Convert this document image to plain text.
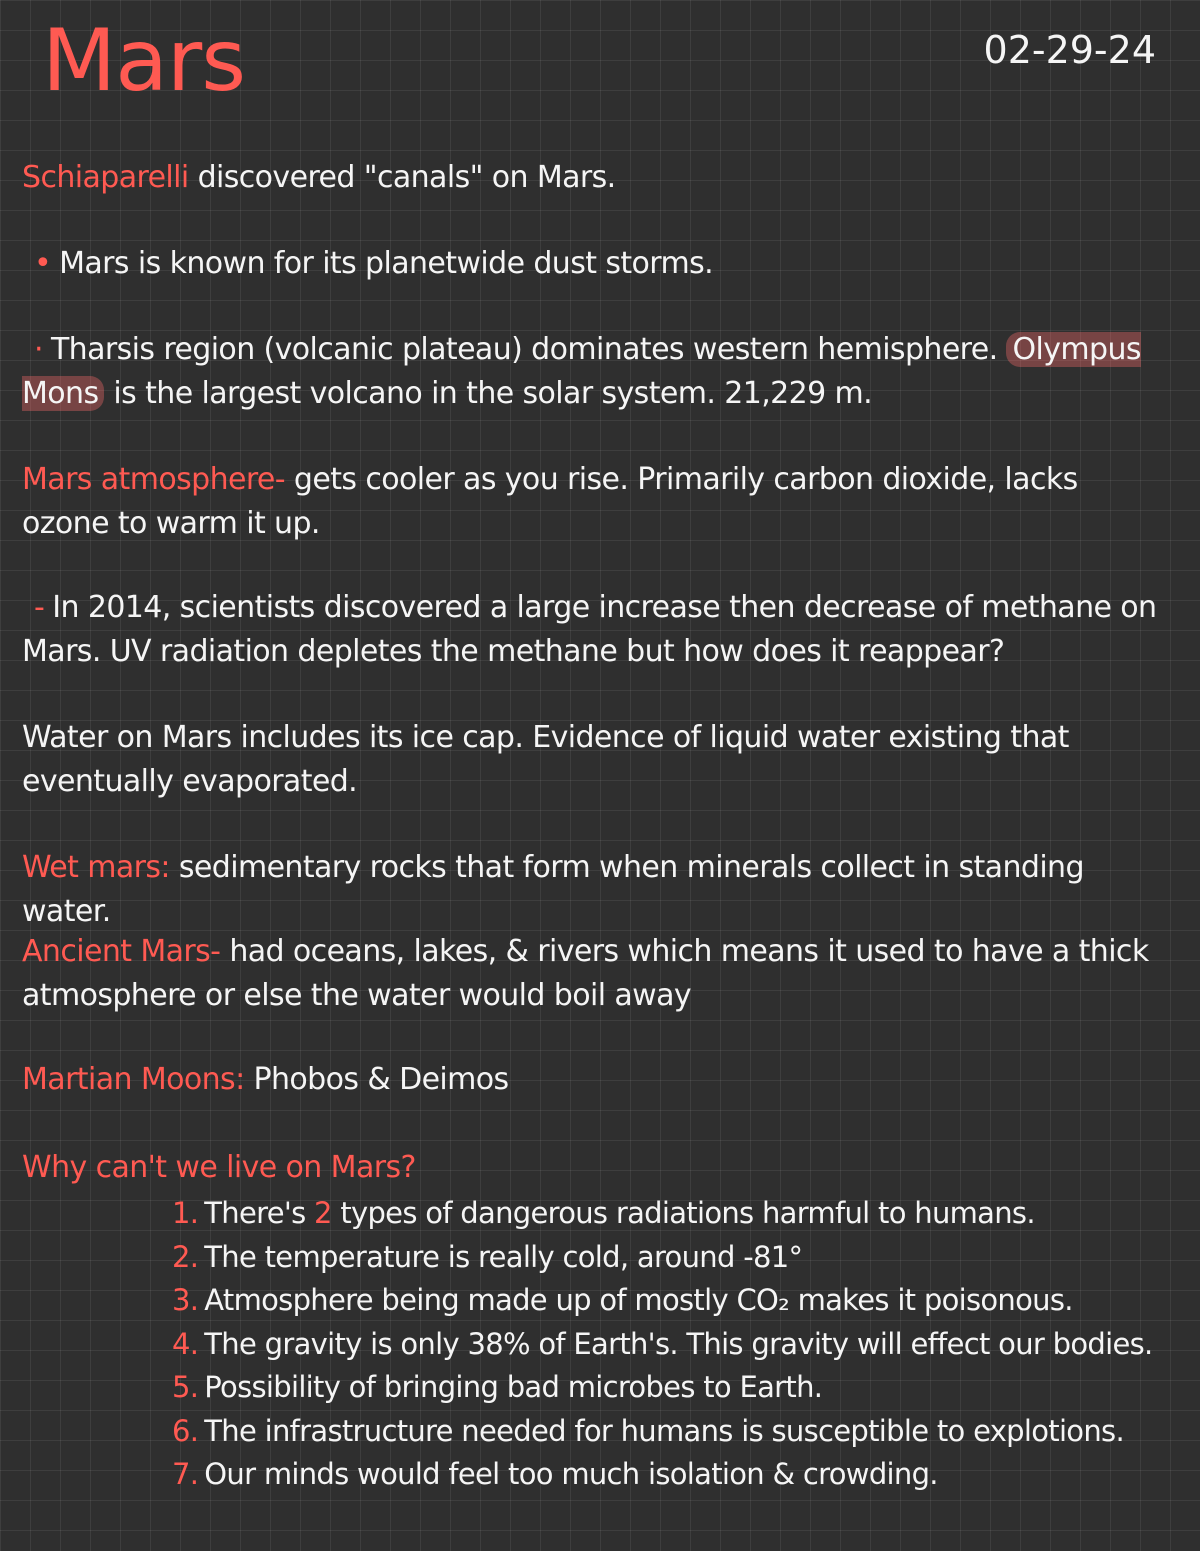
Mars	02-29-24
Schiaparelli discovered "canals" on Mars.
• Mars is known for its planetwide dust storms.
· Tharsis region (volcanic plateau) dominates western hemisphere. Olympus Mons is the largest volcano in the solar system. 21,229 m.
Mars atmosphere- gets cooler as you rise. Primarily carbon dioxide, lacks ozone to warm it up.
- In 2014, scientists discovered a large increase then decrease of methane on Mars. UV radiation depletes the methane but how does it reappear?
Water on Mars includes its ice cap. Evidence of liquid water existing that eventually evaporated.
Wet mars: sedimentary rocks that form when minerals collect in standing water.
Ancient Mars- had oceans, lakes, & rivers which means it used to have a thick atmosphere or else the water would boil away
Martian Moons: Phobos & Deimos
Why can't we live on Mars?
1. There's 2 types of dangerous radiations harmful to humans.
2. The temperature is really cold, around -81°
3. Atmosphere being made up of mostly CO₂ makes it poisonous.
4. The gravity is only 38% of Earth's. This gravity will effect our bodies.
5. Possibility of bringing bad microbes to Earth.
6. The infrastructure needed for humans is susceptible to explotions.
7. Our minds would feel too much isolation & crowding.
